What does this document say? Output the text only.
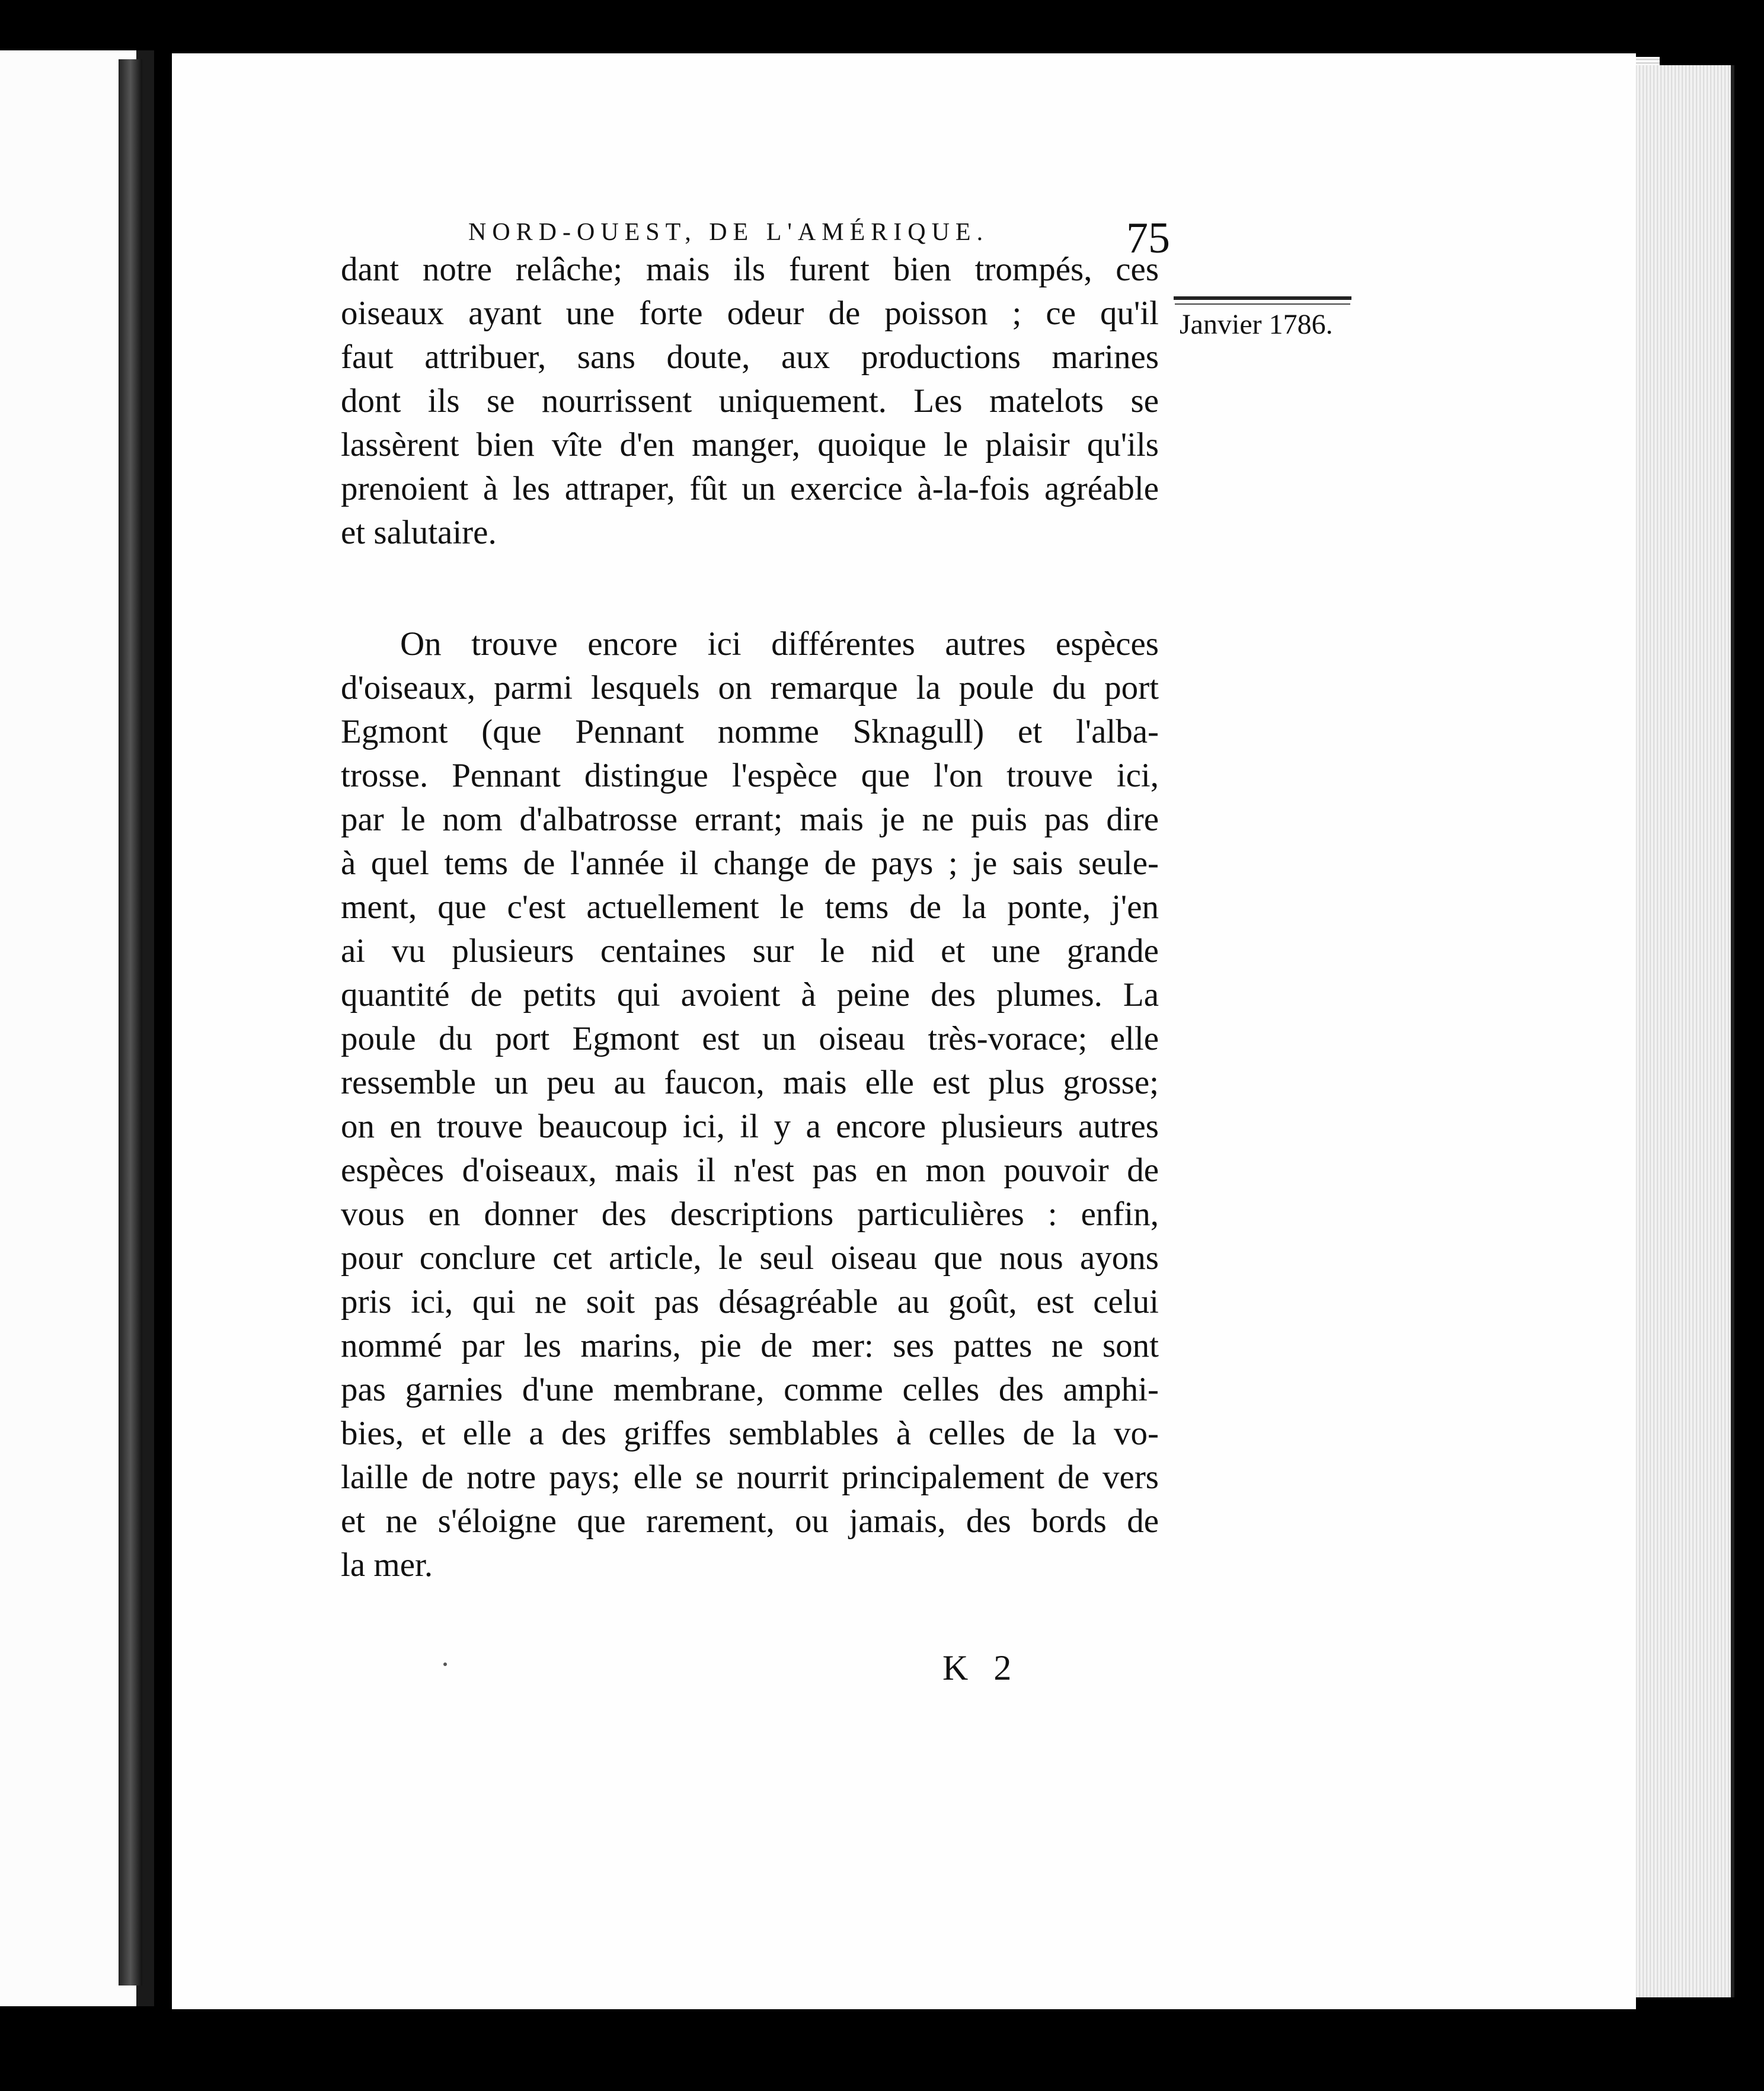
NORD-OUEST, DE L'AMÉRIQUE.	75
Janvier 1786.
dant notre relâche; mais ils furent bien trompés, ces
oiseaux ayant une forte odeur de poisson ; ce qu'il
faut attribuer, sans doute, aux productions marines
dont ils se nourrissent uniquement. Les matelots se
lassèrent bien vîte d'en manger, quoique le plaisir qu'ils
prenoient à les attraper, fût un exercice à-la-fois agréable
et salutaire.
On trouve encore ici différentes autres espèces
d'oiseaux, parmi lesquels on remarque la poule du port
Egmont (que Pennant nomme Sknagull) et l'alba-
trosse. Pennant distingue l'espèce que l'on trouve ici,
par le nom d'albatrosse errant; mais je ne puis pas dire
à quel tems de l'année il change de pays ; je sais seule-
ment, que c'est actuellement le tems de la ponte, j'en
ai vu plusieurs centaines sur le nid et une grande
quantité de petits qui avoient à peine des plumes. La
poule du port Egmont est un oiseau très-vorace; elle
ressemble un peu au faucon, mais elle est plus grosse;
on en trouve beaucoup ici, il y a encore plusieurs autres
espèces d'oiseaux, mais il n'est pas en mon pouvoir de
vous en donner des descriptions particulières : enfin,
pour conclure cet article, le seul oiseau que nous ayons
pris ici, qui ne soit pas désagréable au goût, est celui
nommé par les marins, pie de mer: ses pattes ne sont
pas garnies d'une membrane, comme celles des amphi-
bies, et elle a des griffes semblables à celles de la vo-
laille de notre pays; elle se nourrit principalement de vers
et ne s'éloigne que rarement, ou jamais, des bords de
la mer.
K 2
